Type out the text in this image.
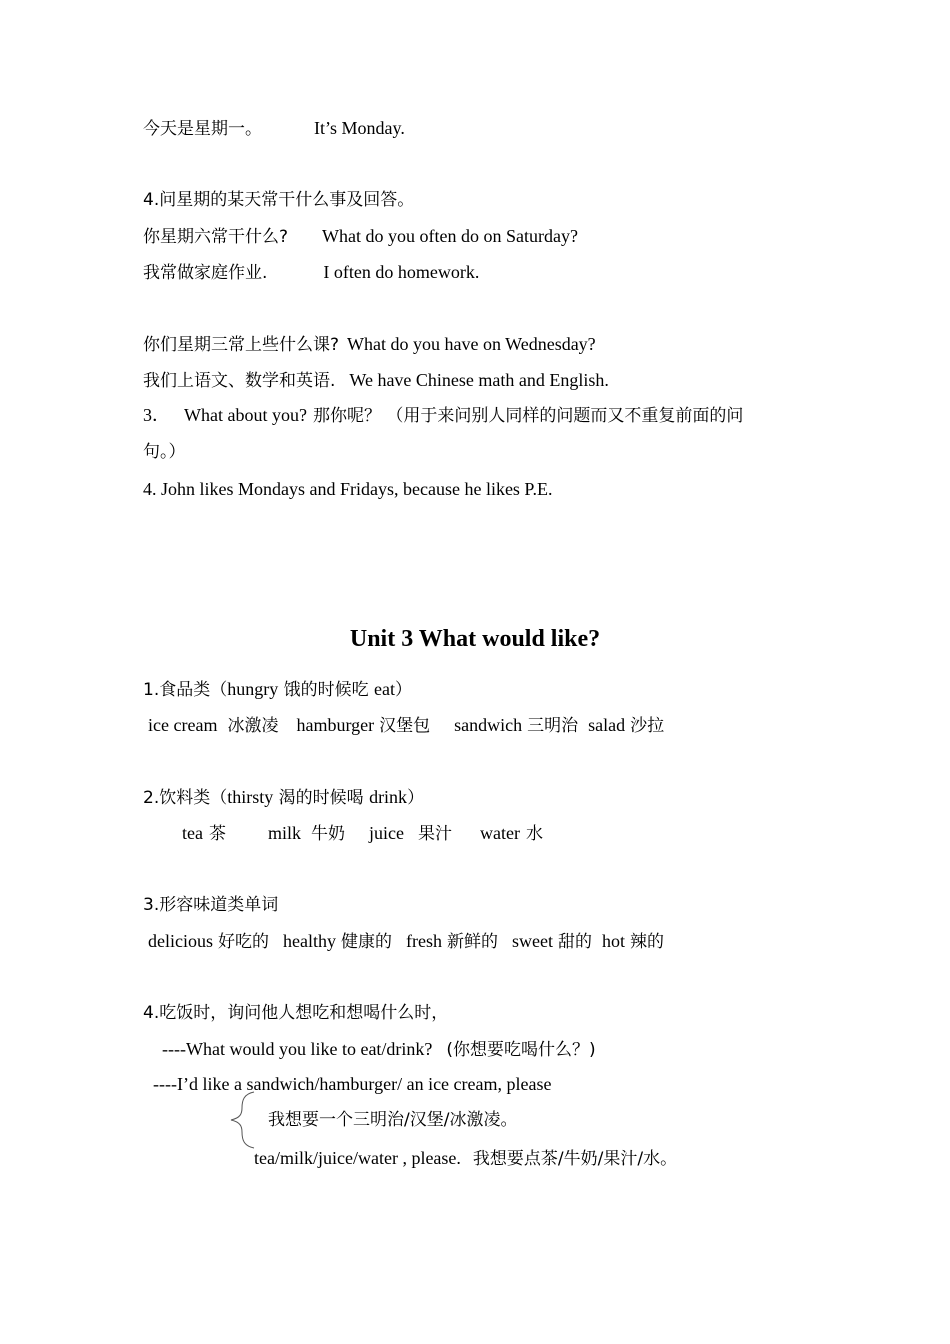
今天是星期一。	It’s Monday.
4.问星期的某天常干什么事及回答。
你星期六常干什么? What do you often do on Saturday?
我常做家庭作业.	I often do homework.
你们星期三常上些什么课? What do you have on Wednesday?
我们上语文、数学和英语. We have Chinese math and English.
3． What about you? 那你呢？ （用于来问别人同样的问题而又不重复前面的问
句。）
4. John likes Mondays and Fridays, because he likes P.E.
Unit 3 What would like?
1.食品类（hungry 饿的时候吃 eat）
ice cream 冰激凌 hamburger 汉堡包 sandwich 三明治 salad 沙拉
2.饮料类（thirsty 渴的时候喝 drink）
tea 茶 milk 牛奶 juice 果汁 water 水
3.形容味道类单词
delicious 好吃的 healthy 健康的 fresh 新鲜的 sweet 甜的 hot 辣的
4.吃饭时，询问他人想吃和想喝什么时，
----What would you like to eat/drink? (你想要吃喝什么？)
----I’d like a sandwich/hamburger/ an ice cream, please
我想要一个三明治/汉堡/冰激凌。
tea/milk/juice/water , please. 我想要点茶/牛奶/果汁/水。
